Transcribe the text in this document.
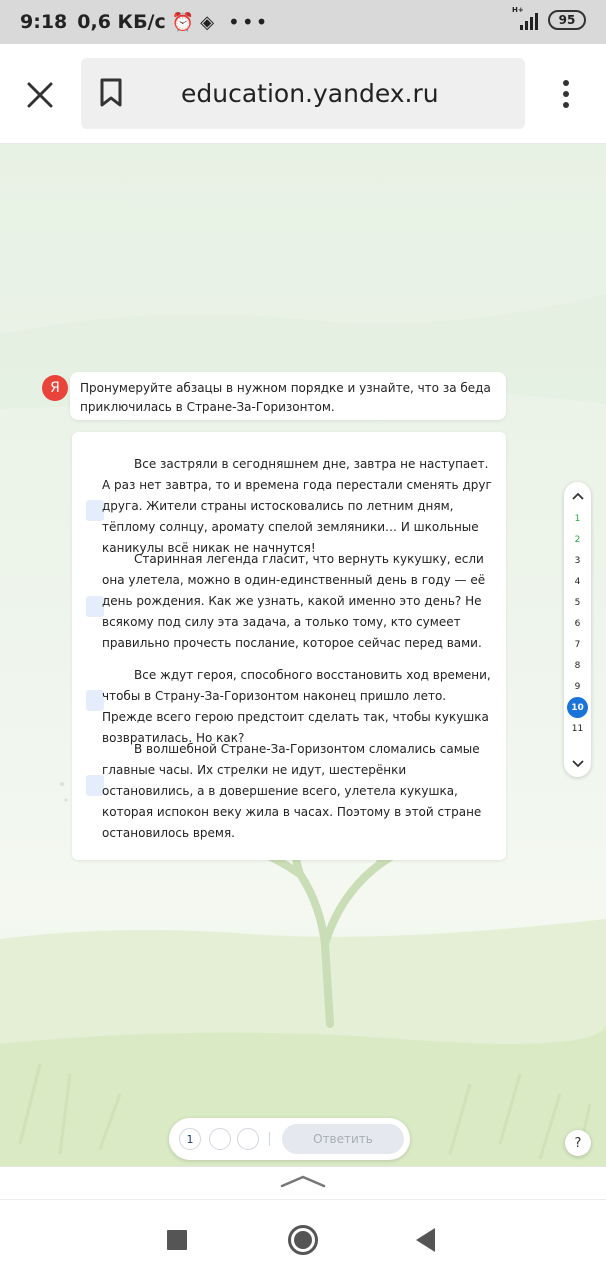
9:18 0,6 КБ/с ⏰ ◈ •••	H+
95
education.yandex.ru
Я	Пронумеруйте абзацы в нужном порядке и узнайте, что за беда приключилась в Стране-За-Горизонтом.
Все застряли в сегодняшнем дне, завтра не наступает. А раз нет завтра, то и времена года перестали сменять друг друга. Жители страны истосковались по летним дням, тёплому солнцу, аромату спелой земляники… И школьные каникулы всё никак не начнутся!
Старинная легенда гласит, что вернуть кукушку, если она улетела, можно в один-единственный день в году — её день рождения. Как же узнать, какой именно это день? Не всякому под силу эта задача, а только тому, кто сумеет правильно прочесть послание, которое сейчас перед вами.
Все ждут героя, способного восстановить ход времени, чтобы в Страну-За-Горизонтом наконец пришло лето. Прежде всего герою предстоит сделать так, чтобы кукушка возвратилась. Но как?
В волшебной Стране-За-Горизонтом сломались самые главные часы. Их стрелки не идут, шестерёнки остановились, а в довершение всего, улетела кукушка, которая испокон веку жила в часах. Поэтому в этой стране остановилось время.
1
2
3
4
5
6
7
8
9
10
11
1	Ответить	?
